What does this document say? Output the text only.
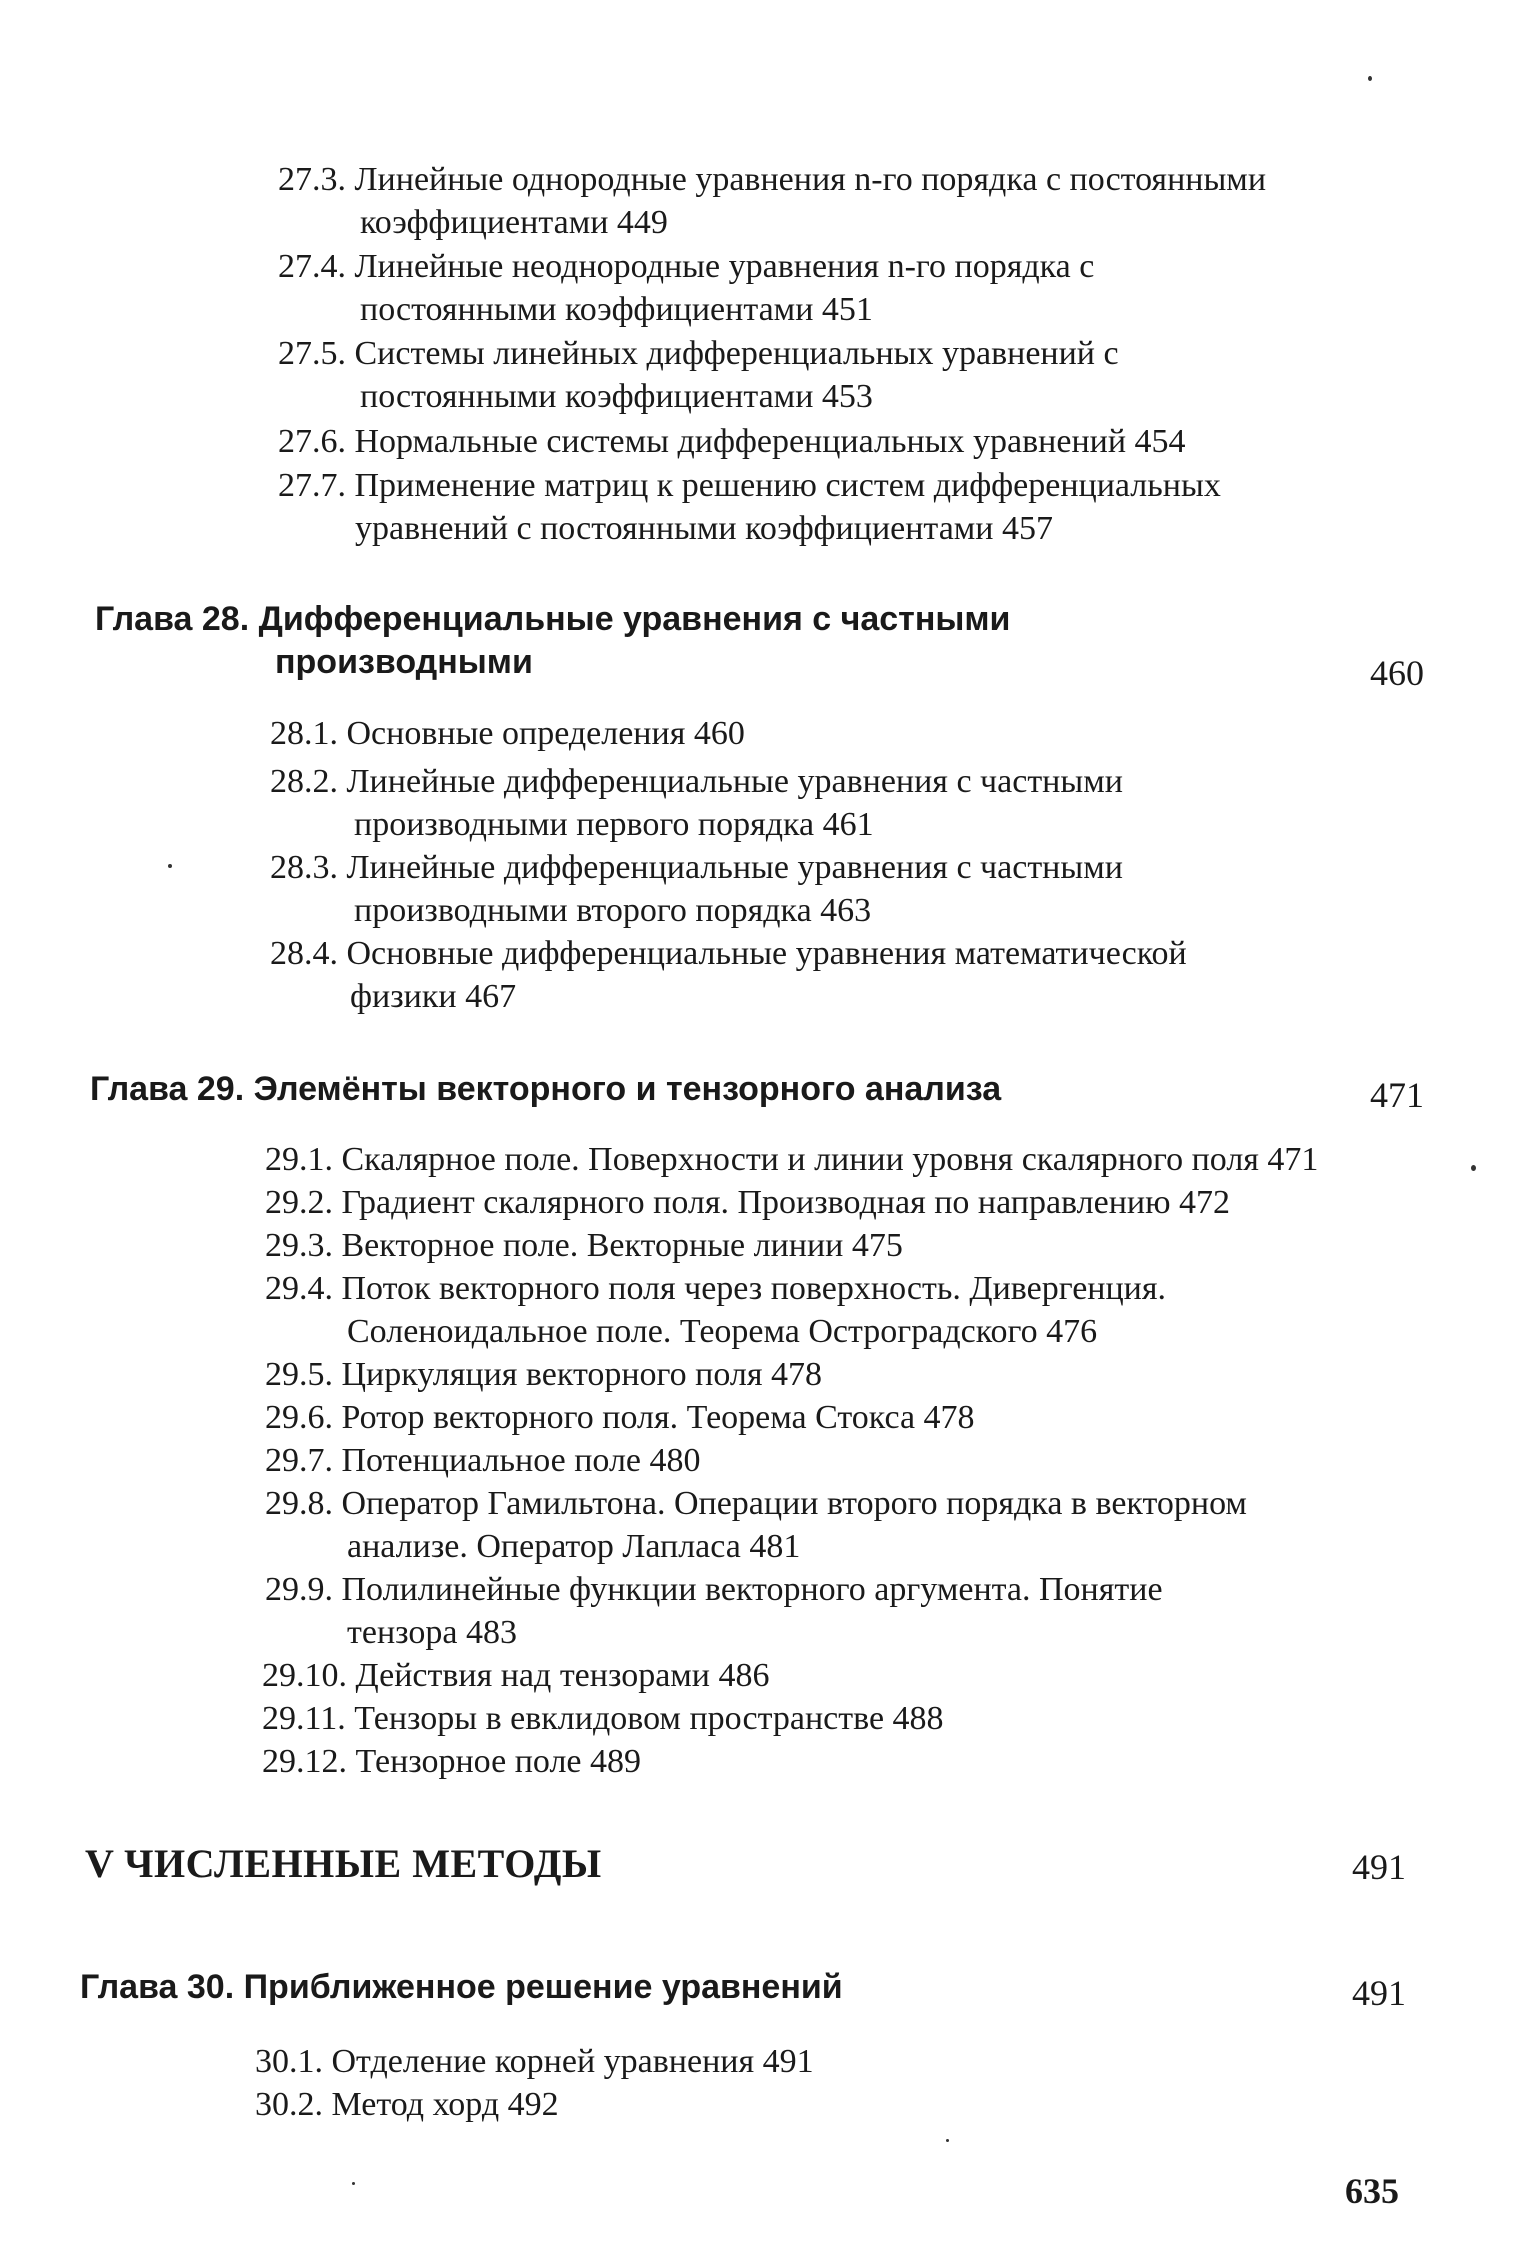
27.3. Линейные однородные уравнения n-го порядка с постоянными
коэффициентами 449
27.4. Линейные неоднородные уравнения n-го порядка с
постоянными коэффициентами 451
27.5. Системы линейных дифференциальных уравнений с
постоянными коэффициентами 453
27.6. Нормальные системы дифференциальных уравнений 454
27.7. Применение матриц к решению систем дифференциальных
уравнений с постоянными коэффициентами 457
Глава 28. Дифференциальные уравнения с частными
производными	460
28.1. Основные определения 460
28.2. Линейные дифференциальные уравнения с частными
производными первого порядка 461
28.3. Линейные дифференциальные уравнения с частными
производными второго порядка 463
28.4. Основные дифференциальные уравнения математической
физики 467
Глава 29. Элемёнты векторного и тензорного анализа	471
29.1. Скалярное поле. Поверхности и линии уровня скалярного поля 471
29.2. Градиент скалярного поля. Производная по направлению 472
29.3. Векторное поле. Векторные линии 475
29.4. Поток векторного поля через поверхность. Дивергенция.
Соленоидальное поле. Теорема Остроградского 476
29.5. Циркуляция векторного поля 478
29.6. Ротор векторного поля. Теорема Стокса 478
29.7. Потенциальное поле 480
29.8. Оператор Гамильтона. Операции второго порядка в векторном
анализе. Оператор Лапласа 481
29.9. Полилинейные функции векторного аргумента. Понятие
тензора 483
29.10. Действия над тензорами 486
29.11. Тензоры в евклидовом пространстве 488
29.12. Тензорное поле 489
V ЧИСЛЕННЫЕ МЕТОДЫ	491
Глава 30. Приближенное решение уравнений	491
30.1. Отделение корней уравнения 491
30.2. Метод хорд 492
635
